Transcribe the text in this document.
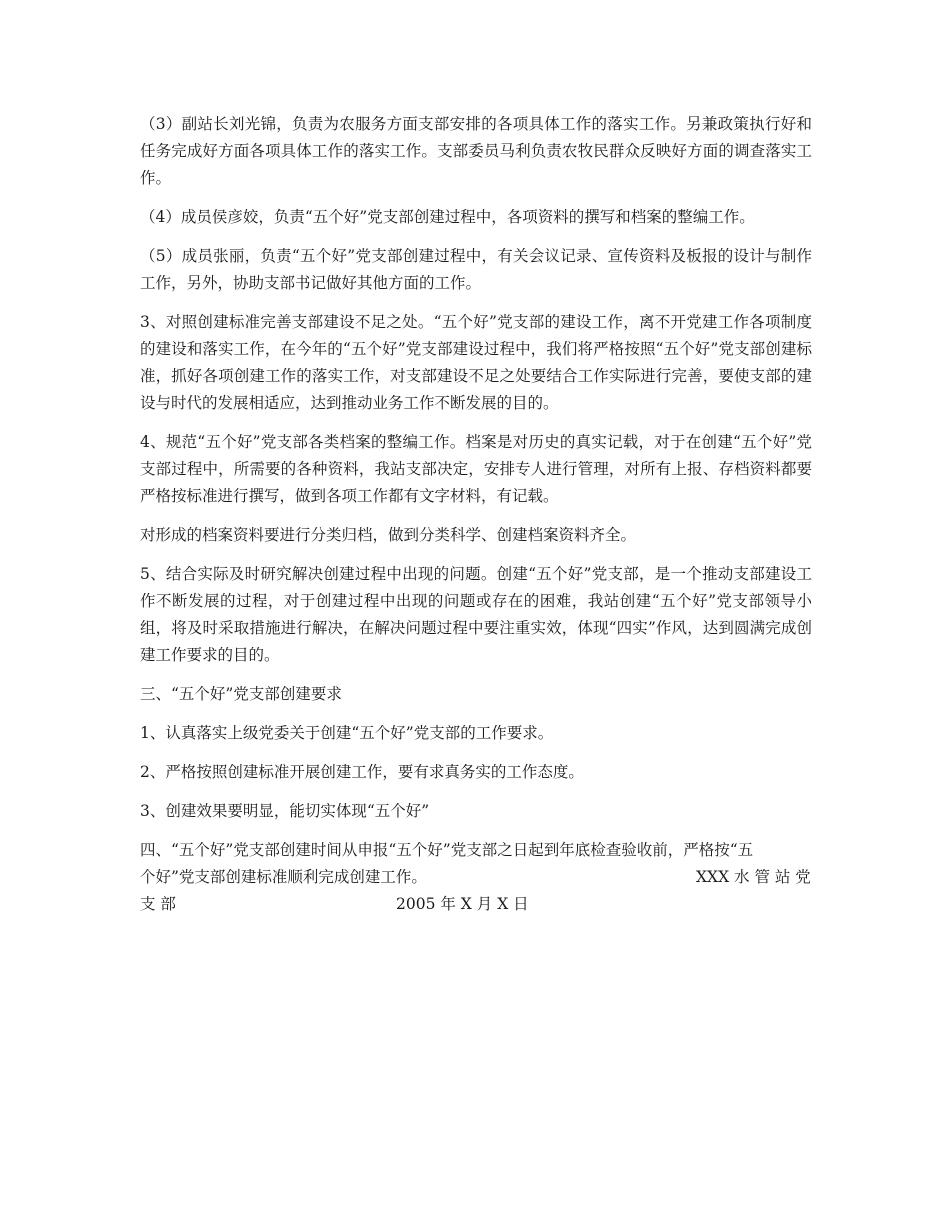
（3）副站长刘光锦，负责为农服务方面支部安排的各项具体工作的落实工作。另兼政策执行好和任务完成好方面各项具体工作的落实工作。支部委员马利负责农牧民群众反映好方面的调查落实工作。

（4）成员侯彦姣，负责“五个好”党支部创建过程中，各项资料的撰写和档案的整编工作。

（5）成员张丽，负责“五个好”党支部创建过程中，有关会议记录、宣传资料及板报的设计与制作工作，另外，协助支部书记做好其他方面的工作。

3、对照创建标准完善支部建设不足之处。“五个好”党支部的建设工作，离不开党建工作各项制度的建设和落实工作，在今年的“五个好”党支部建设过程中，我们将严格按照“五个好”党支部创建标准，抓好各项创建工作的落实工作，对支部建设不足之处要结合工作实际进行完善，要使支部的建设与时代的发展相适应，达到推动业务工作不断发展的目的。

4、规范“五个好”党支部各类档案的整编工作。档案是对历史的真实记载，对于在创建“五个好”党支部过程中，所需要的各种资料，我站支部决定，安排专人进行管理，对所有上报、存档资料都要严格按标准进行撰写，做到各项工作都有文字材料，有记载。

对形成的档案资料要进行分类归档，做到分类科学、创建档案资料齐全。

5、结合实际及时研究解决创建过程中出现的问题。创建“五个好”党支部，是一个推动支部建设工作不断发展的过程，对于创建过程中出现的问题或存在的困难，我站创建“五个好”党支部领导小组，将及时采取措施进行解决，在解决问题过程中要注重实效，体现“四实”作风，达到圆满完成创建工作要求的目的。

三、“五个好”党支部创建要求

1、认真落实上级党委关于创建“五个好”党支部的工作要求。

2、严格按照创建标准开展创建工作，要有求真务实的工作态度。

3、创建效果要明显，能切实体现“五个好”

四、“五个好”党支部创建时间从申报“五个好”党支部之日起到年底检查验收前，严格按“五

个好”党支部创建标准顺利完成创建工作。	XXX 水 管 站 党

支 部	2005 年 X 月 X 日
